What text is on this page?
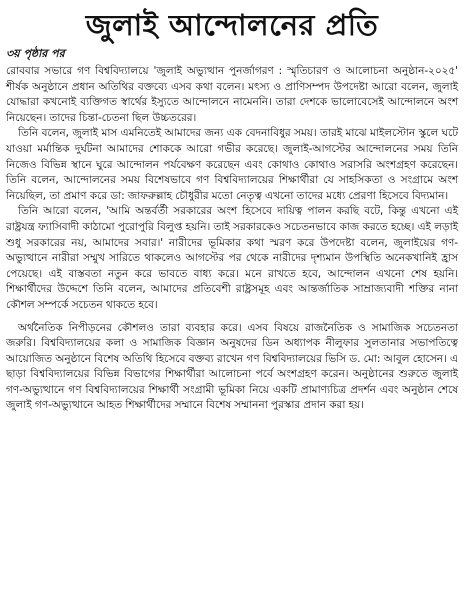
জুলাই আন্দোলনের প্রতি
৩য় পৃষ্ঠার পর

রোববার সভারে গণ বিশ্ববিদ্যালয়ে 'জুলাই অভ্যুত্থান পুনর্জাগরণ : স্মৃতিচারণ ও আলোচনা অনুষ্ঠান-২০২৫' শীর্ষক অনুষ্ঠানে প্রধান অতিথির বক্তব্যে এসব কথা বলেন। মৎস্য ও প্রাণিসম্পদ উপদেষ্টা আরো বলেন, জুলাই যোদ্ধারা কখনোই ব্যক্তিগত স্বার্থের ইস্যুতে আন্দোলনে নামেননি। তারা দেশকে ভালোবেসেই আন্দোলনে অংশ নিয়েছেন। তাদের চিন্তা-চেতনা ছিল উচ্চতরের।

তিনি বলেন, জুলাই মাস এমনিতেই আমাদের জন্য এক বেদনাবিধুর সময়। তারই মাঝে মাইলস্টোন স্কুলে ঘটে যাওয়া মর্মান্তিক দুর্ঘটনা আমাদের শোককে আরো গভীর করেছে। জুলাই-আগস্টের আন্দোলনের সময় তিনি নিজেও বিভিন্ন স্থানে ঘুরে আন্দোলন পর্যবেক্ষণ করেছেন এবং কোথাও কোথাও সরাসরি অংশগ্রহণ করেছেন। তিনি বলেন, আন্দোলনের সময় বিশেষভাবে গণ বিশ্ববিদ্যালয়ের শিক্ষার্থীরা যে সাহসিকতা ও সংগ্রামে অংশ নিয়েছিল, তা প্রমাণ করে ডা: জাফরুল্লাহ চৌধুরীর মতো নেতৃত্ব এখনো তাদের মধ্যে প্রেরণা হিসেবে বিদ্যমান।

তিনি আরো বলেন, 'আমি অন্তর্বর্তী সরকারের অংশ হিসেবে দায়িত্ব পালন করছি বটে, কিন্তু এখনো এই রাষ্ট্রযন্ত্র ফ্যাসিবাদী কাঠামো পুরোপুরি বিলুপ্ত হয়নি। তাই সরকারকেও সচেতনভাবে কাজ করতে হচ্ছে। এই লড়াই শুধু সরকারের নয়, আমাদের সবার।' নারীদের ভূমিকার কথা স্মরণ করে উপদেষ্টা বলেন, জুলাইয়ের গণ-অভ্যুত্থানে নারীরা সম্মুখ সারিতে থাকলেও আগস্টের পর থেকে নারীদের দৃশ্যমান উপস্থিতি অনেকখানিই হ্রাস পেয়েছে। এই বাস্তবতা নতুন করে ভাবতে বাধ্য করে। মনে রাখতে হবে, আন্দোলন এখনো শেষ হয়নি। শিক্ষার্থীদের উদ্দেশে তিনি বলেন, আমাদের প্রতিবেশী রাষ্ট্রসমূহ এবং আন্তর্জাতিক সাম্রাজ্যবাদী শক্তির নানা কৌশল সম্পর্কে সচেতন থাকতে হবে।

অর্থনৈতিক নিপীড়নের কৌশলও তারা ব্যবহার করে। এসব বিষয়ে রাজনৈতিক ও সামাজিক সচেতনতা জরুরি। বিশ্ববিদ্যালয়ের কলা ও সামাজিক বিজ্ঞান অনুষদের ডিন অধ্যাপক নীলুফার সুলতানার সভাপতিত্বে আয়োজিত অনুষ্ঠানে বিশেষ অতিথি হিসেবে বক্তব্য রাখেন গণ বিশ্ববিদ্যালয়ের ভিসি ড. মো: আবুল হোসেন। এ ছাড়া বিশ্ববিদ্যালয়ের বিভিন্ন বিভাগের শিক্ষার্থীরা আলোচনা পর্বে অংশগ্রহণ করেন। অনুষ্ঠানের শুরুতে জুলাই গণ-অভ্যুত্থানে গণ বিশ্ববিদ্যালয়ের শিক্ষার্থী সংগ্রামী ভূমিকা নিয়ে একটি প্রামাণ্যচিত্র প্রদর্শন এবং অনুষ্ঠান শেষে জুলাই গণ-অভ্যুত্থানে আহত শিক্ষার্থীদের সম্মানে বিশেষ সম্মাননা পুরস্কার প্রদান করা হয়।
